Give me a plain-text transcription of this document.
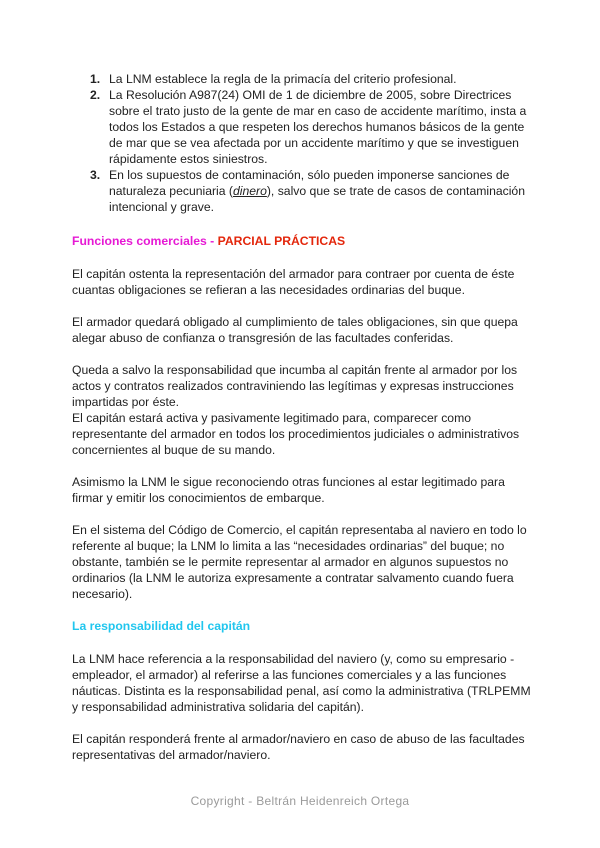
1. La LNM establece la regla de la primacía del criterio profesional.
2. La Resolución A987(24) OMI de 1 de diciembre de 2005, sobre Directrices sobre el trato justo de la gente de mar en caso de accidente marítimo, insta a todos los Estados a que respeten los derechos humanos básicos de la gente de mar que se vea afectada por un accidente marítimo y que se investiguen rápidamente estos siniestros.
3. En los supuestos de contaminación, sólo pueden imponerse sanciones de naturaleza pecuniaria (dinero), salvo que se trate de casos de contaminación intencional y grave.
Funciones comerciales - PARCIAL PRÁCTICAS

El capitán ostenta la representación del armador para contraer por cuenta de éste cuantas obligaciones se refieran a las necesidades ordinarias del buque.

El armador quedará obligado al cumplimiento de tales obligaciones, sin que quepa alegar abuso de confianza o transgresión de las facultades conferidas.

Queda a salvo la responsabilidad que incumba al capitán frente al armador por los actos y contratos realizados contraviniendo las legítimas y expresas instrucciones impartidas por éste.

El capitán estará activa y pasivamente legitimado para, comparecer como representante del armador en todos los procedimientos judiciales o administrativos concernientes al buque de su mando.

Asimismo la LNM le sigue reconociendo otras funciones al estar legitimado para firmar y emitir los conocimientos de embarque.

En el sistema del Código de Comercio, el capitán representaba al naviero en todo lo referente al buque; la LNM lo limita a las “necesidades ordinarias” del buque; no obstante, también se le permite representar al armador en algunos supuestos no ordinarios (la LNM le autoriza expresamente a contratar salvamento cuando fuera necesario).

La responsabilidad del capitán

La LNM hace referencia a la responsabilidad del naviero (y, como su empresario - empleador, el armador) al referirse a las funciones comerciales y a las funciones náuticas. Distinta es la responsabilidad penal, así como la administrativa (TRLPEMM y responsabilidad administrativa solidaria del capitán).

El capitán responderá frente al armador/naviero en caso de abuso de las facultades representativas del armador/naviero.

Copyright - Beltrán Heidenreich Ortega
